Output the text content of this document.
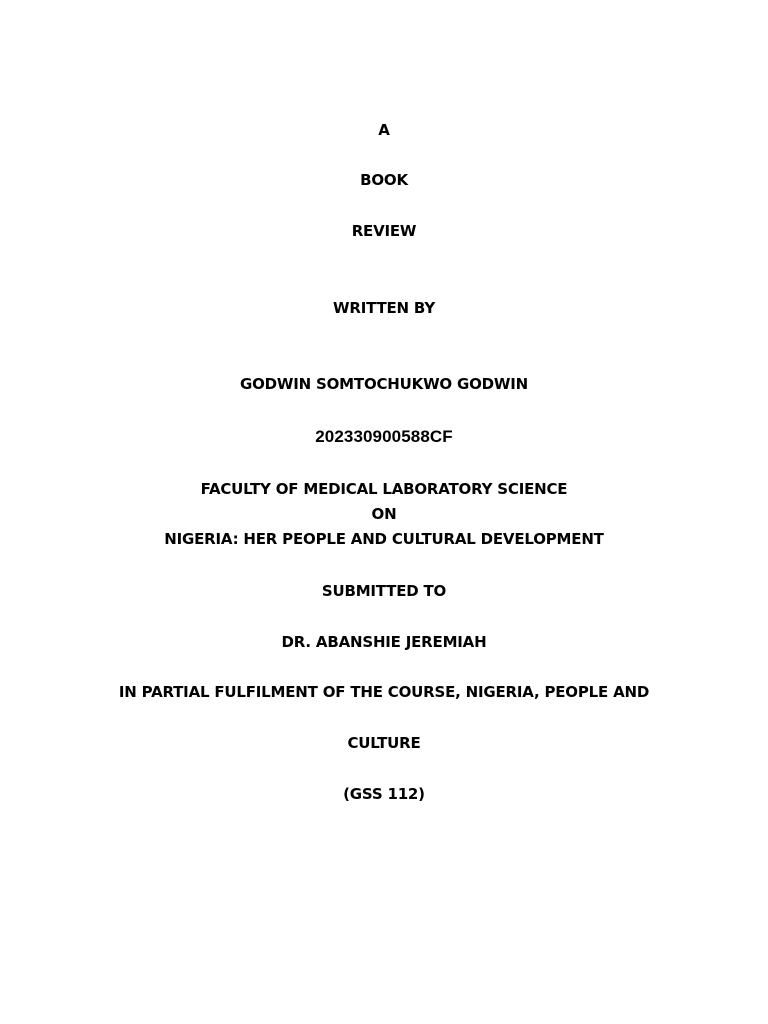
A
BOOK
REVIEW
WRITTEN BY
GODWIN SOMTOCHUKWO GODWIN
202330900588CF
FACULTY OF MEDICAL LABORATORY SCIENCE
ON
NIGERIA: HER PEOPLE AND CULTURAL DEVELOPMENT
SUBMITTED TO
DR. ABANSHIE JEREMIAH
IN PARTIAL FULFILMENT OF THE COURSE, NIGERIA, PEOPLE AND
CULTURE
(GSS 112)
